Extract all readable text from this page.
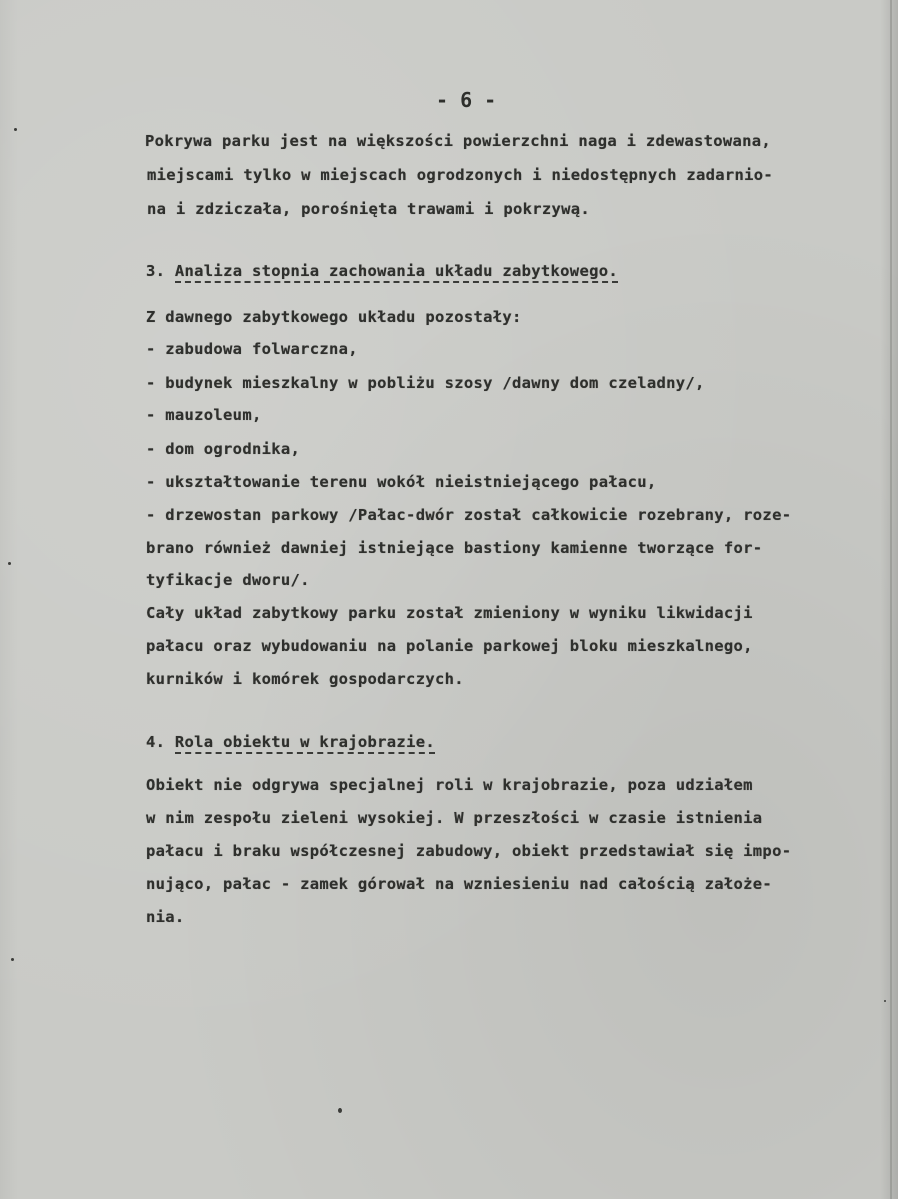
- 6 -
Pokrywa parku jest na większości powierzchni naga i zdewastowana,
miejscami tylko w miejscach ogrodzonych i niedostępnych zadarnio-
na i zdziczała, porośnięta trawami i pokrzywą.
3. Analiza stopnia zachowania układu zabytkowego.
Z dawnego zabytkowego układu pozostały:
- zabudowa folwarczna,
- budynek mieszkalny w pobliżu szosy /dawny dom czeladny/,
- mauzoleum,
- dom ogrodnika,
- ukształtowanie terenu wokół nieistniejącego pałacu,
- drzewostan parkowy /Pałac-dwór został całkowicie rozebrany, roze-
brano również dawniej istniejące bastiony kamienne tworzące for-
tyfikacje dworu/.
Cały układ zabytkowy parku został zmieniony w wyniku likwidacji
pałacu oraz wybudowaniu na polanie parkowej bloku mieszkalnego,
kurników i komórek gospodarczych.
4. Rola obiektu w krajobrazie.
Obiekt nie odgrywa specjalnej roli w krajobrazie, poza udziałem
w nim zespołu zieleni wysokiej. W przeszłości w czasie istnienia
pałacu i braku współczesnej zabudowy, obiekt przedstawiał się impo-
nująco, pałac - zamek górował na wzniesieniu nad całością założe-
nia.
